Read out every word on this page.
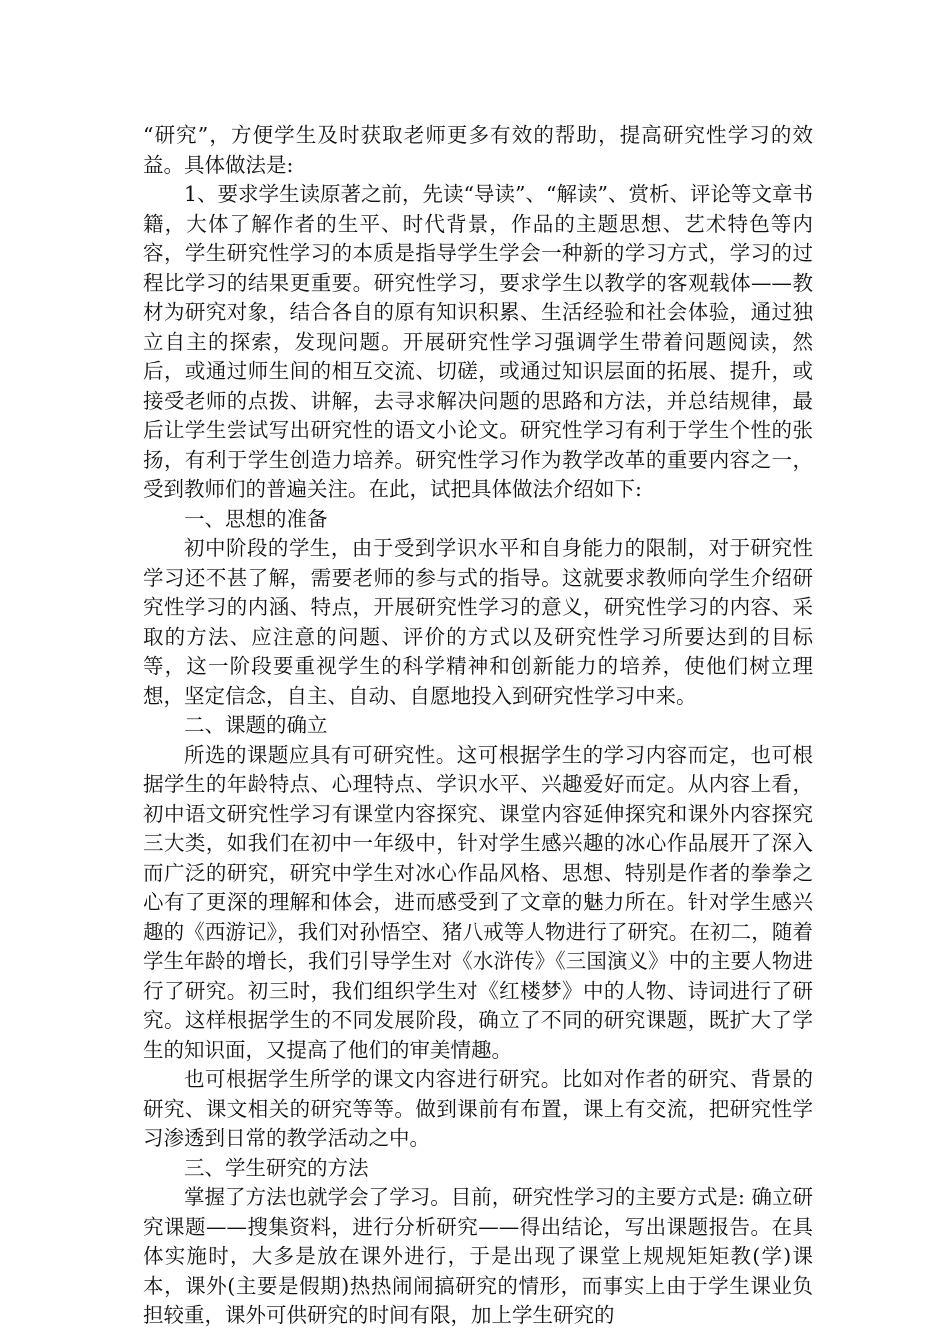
“研究”，方便学生及时获取老师更多有效的帮助，提高研究性学习的效益。具体做法是:

1、要求学生读原著之前，先读“导读”、“解读”、赏析、评论等文章书籍，大体了解作者的生平、时代背景，作品的主题思想、艺术特色等内容，学生研究性学习的本质是指导学生学会一种新的学习方式，学习的过程比学习的结果更重要。研究性学习，要求学生以教学的客观载体——教材为研究对象，结合各自的原有知识积累、生活经验和社会体验，通过独立自主的探索，发现问题。开展研究性学习强调学生带着问题阅读，然后，或通过师生间的相互交流、切磋，或通过知识层面的拓展、提升，或接受老师的点拨、讲解，去寻求解决问题的思路和方法，并总结规律，最后让学生尝试写出研究性的语文小论文。研究性学习有利于学生个性的张扬，有利于学生创造力培养。研究性学习作为教学改革的重要内容之一，受到教师们的普遍关注。在此，试把具体做法介绍如下:

一、思想的准备

初中阶段的学生，由于受到学识水平和自身能力的限制，对于研究性学习还不甚了解，需要老师的参与式的指导。这就要求教师向学生介绍研究性学习的内涵、特点，开展研究性学习的意义，研究性学习的内容、采取的方法、应注意的问题、评价的方式以及研究性学习所要达到的目标等，这一阶段要重视学生的科学精神和创新能力的培养，使他们树立理想，坚定信念，自主、自动、自愿地投入到研究性学习中来。

二、课题的确立

所选的课题应具有可研究性。这可根据学生的学习内容而定，也可根据学生的年龄特点、心理特点、学识水平、兴趣爱好而定。从内容上看，初中语文研究性学习有课堂内容探究、课堂内容延伸探究和课外内容探究三大类，如我们在初中一年级中，针对学生感兴趣的冰心作品展开了深入而广泛的研究，研究中学生对冰心作品风格、思想、特别是作者的拳拳之心有了更深的理解和体会，进而感受到了文章的魅力所在。针对学生感兴趣的《西游记》，我们对孙悟空、猪八戒等人物进行了研究。在初二，随着学生年龄的增长，我们引导学生对《水浒传》《三国演义》中的主要人物进行了研究。初三时，我们组织学生对《红楼梦》中的人物、诗词进行了研究。这样根据学生的不同发展阶段，确立了不同的研究课题，既扩大了学生的知识面，又提高了他们的审美情趣。

也可根据学生所学的课文内容进行研究。比如对作者的研究、背景的研究、课文相关的研究等等。做到课前有布置，课上有交流，把研究性学习渗透到日常的教学活动之中。

三、学生研究的方法

掌握了方法也就学会了学习。目前，研究性学习的主要方式是: 确立研究课题——搜集资料，进行分析研究——得出结论，写出课题报告。在具体实施时，大多是放在课外进行，于是出现了课堂上规规矩矩教(学)课本，课外(主要是假期)热热闹闹搞研究的情形，而事实上由于学生课业负担较重，课外可供研究的时间有限，加上学生研究的
